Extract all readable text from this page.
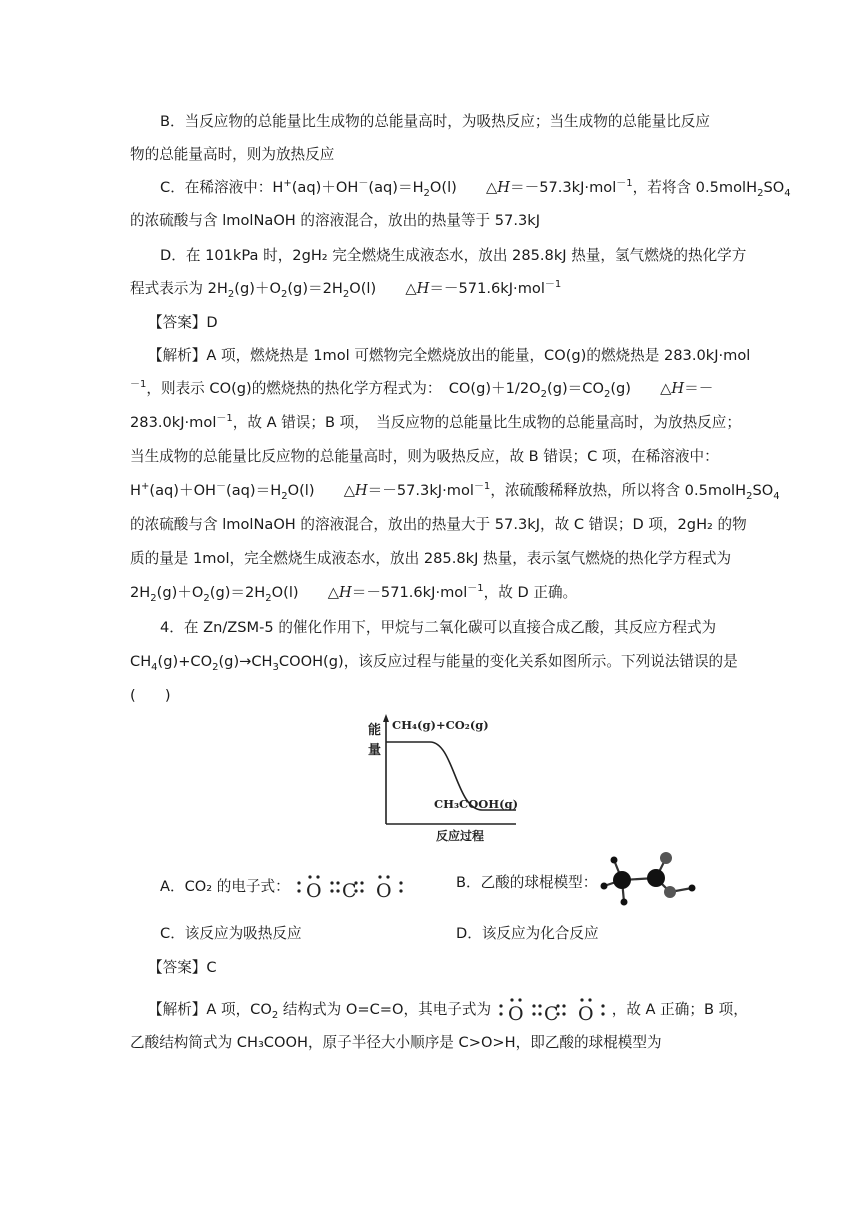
B．当反应物的总能量比生成物的总能量高时，为吸热反应；当生成物的总能量比反应
物的总能量高时，则为放热反应
C．在稀溶液中：$H^+(aq)+OH^-(aq)=H_2O(l)$　　△H＝－57.3kJ·mol$^{-1}$，若将含 $0.5molH_2SO_4$
的浓硫酸与含 lmolNaOH 的溶液混合，放出的热量等于 57.3kJ
D．在 101kPa 时，2gH₂ 完全燃烧生成液态水，放出 285.8kJ 热量，氢气燃烧的热化学方
程式表示为 $2H_2(g)+O_2(g)=2H_2O(l)$　　△H＝－571.6kJ·mol$^{-1}$
【答案】D
【解析】A 项，燃烧热是 1mol 可燃物完全燃烧放出的能量，CO(g)的燃烧热是 283.0kJ·mol
$^{-1}$，则表示 CO(g)的燃烧热的热化学方程式为：　$CO(g)+1/2O_2(g)=CO_2(g)$　　△H＝－
283.0kJ·mol$^{-1}$，故 A 错误；B 项，　当反应物的总能量比生成物的总能量高时，为放热反应；
当生成物的总能量比反应物的总能量高时，则为吸热反应，故 B 错误；C 项，在稀溶液中：
$H^+(aq)+OH^-(aq)=H_2O(l)$　　△H＝－57.3kJ·mol$^{-1}$，浓硫酸稀释放热，所以将含 $0.5molH_2SO_4$
的浓硫酸与含 lmolNaOH 的溶液混合，放出的热量大于 57.3kJ，故 C 错误；D 项，2gH₂ 的物
质的量是 1mol，完全燃烧生成液态水，放出 285.8kJ 热量，表示氢气燃烧的热化学方程式为
$2H_2(g)+O_2(g)=2H_2O(l)$　　△H＝－571.6kJ·mol$^{-1}$，故 D 正确。
4．在 Zn/ZSM-5 的催化作用下，甲烷与二氧化碳可以直接合成乙酸，其反应方程式为
$CH_4(g)+CO_2(g)\to CH_3COOH(g)$，该反应过程与能量的变化关系如图所示。下列说法错误的是
(　　)
能
量
CH₄(g)+CO₂(g)
CH₃COOH(g)
反应过程
A．CO₂ 的电子式： O C O	B．乙酸的球棍模型：
C．该反应为吸热反应	D．该反应为化合反应
【答案】C
【解析】A 项，$CO_2$ 结构式为 O=C=O，其电子式为 O C O ，故 A 正确；B 项，
乙酸结构简式为 CH₃COOH，原子半径大小顺序是 C>O>H，即乙酸的球棍模型为
